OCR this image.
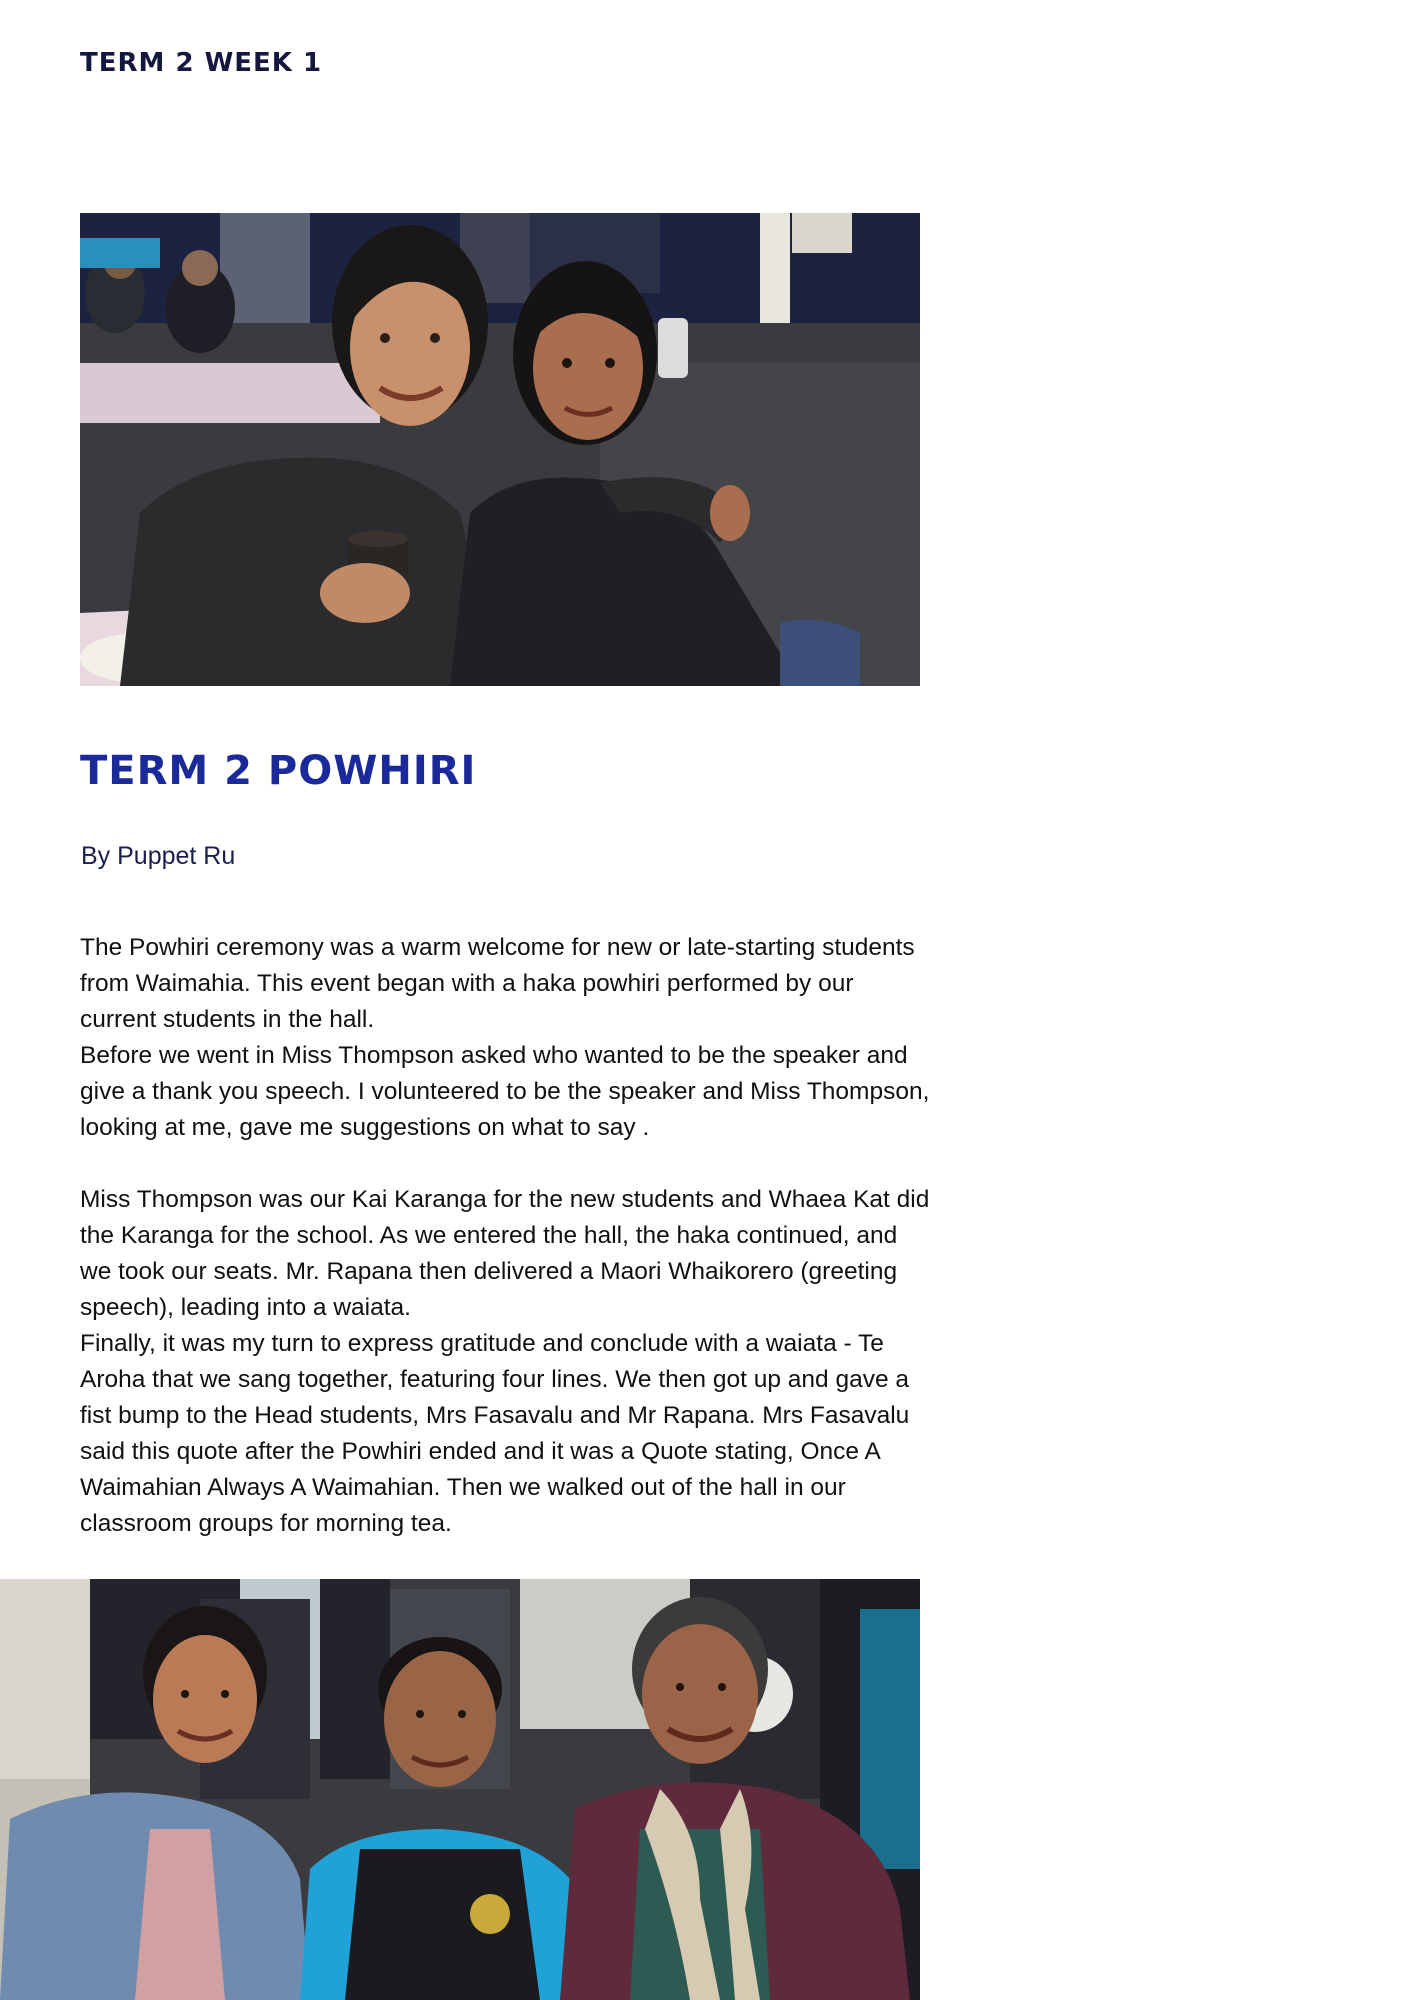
TERM 2 WEEK 1
TERM 2 POWHIRI

By Puppet Ru

The Powhiri ceremony was a warm welcome for new or late-starting students from Waimahia. This event began with a haka powhiri performed by our current students in the hall.

Before we went in Miss Thompson asked who wanted to be the speaker and give a thank you speech. I volunteered to be the speaker and Miss Thompson, looking at me, gave me suggestions on what to say .

Miss Thompson was our Kai Karanga for the new students and Whaea Kat did the Karanga for the school. As we entered the hall, the haka continued, and we took our seats. Mr. Rapana then delivered a Maori Whaikorero (greeting speech), leading into a waiata.

Finally, it was my turn to express gratitude and conclude with a waiata - Te Aroha that we sang together, featuring four lines. We then got up and gave a fist bump to the Head students, Mrs Fasavalu and Mr Rapana. Mrs Fasavalu said this quote after the Powhiri ended and it was a Quote stating, Once A Waimahian Always A Waimahian. Then we walked out of the hall in our classroom groups for morning tea.
